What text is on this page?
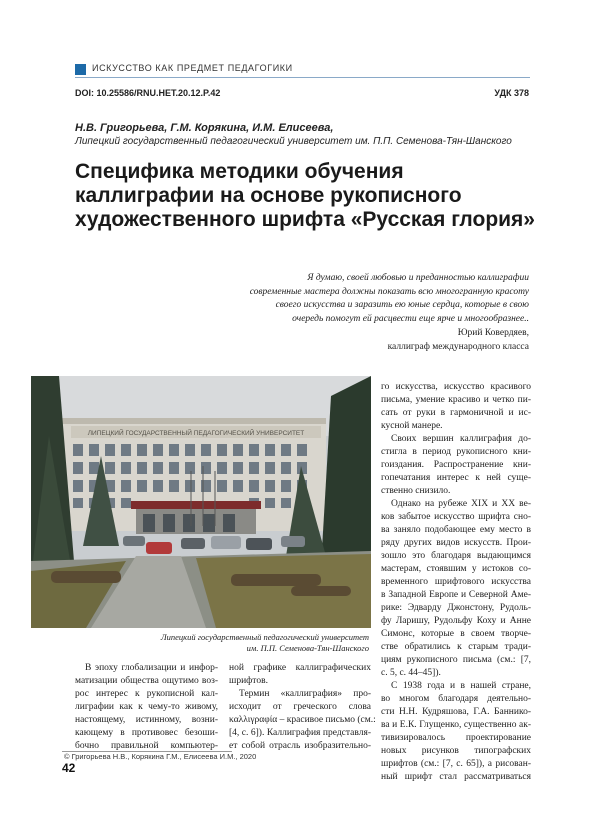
ИСКУССТВО КАК ПРЕДМЕТ ПЕДАГОГИКИ
DOI: 10.25586/RNU.HET.20.12.P.42	УДК 378
Н.В. Григорьева, Г.М. Корякина, И.М. Елисеева,
Липецкий государственный педагогический университет им. П.П. Семенова-Тян-Шанского
Специфика методики обучения
каллиграфии на основе рукописного
художественного шрифта «Русская глория»
Я думаю, своей любовью и преданностью каллиграфии
современные мастера должны показать всю многогранную красоту
своего искусства и заразить ею юные сердца, которые в свою
очередь помогут ей расцвести еще ярче и многообразнее..
Юрий Ковердяев,
каллиграф международного класса
ЛИПЕЦКИЙ ГОСУДАРСТВЕННЫЙ ПЕДАГОГИЧЕСКИЙ УНИВЕРСИТЕТ
Липецкий государственный педагогический университет
им. П.П. Семенова-Тян-Шанского
В эпоху глобализации и инфор-
матизации общества ощутимо воз-
рос интерес к рукописной кал-
лиграфии как к чему-то живому,
настоящему, истинному, возни-
кающему в противовес безоши-
бочно правильной компьютер-
ной графике каллиграфических
шрифтов.
Термин «каллиграфия» про-
исходит от греческого слова
καλλιγραφία – красивое письмо (см.:
[4, с. 6]). Каллиграфия представля-
ет собой отрасль изобразительно-
го искусства, искусство красивого
письма, умение красиво и четко пи-
сать от руки в гармоничной и ис-
кусной манере.
Своих вершин каллиграфия до-
стигла в период рукописного кни-
гоиздания. Распространение кни-
гопечатания интерес к ней суще-
ственно снизило.
Однако на рубеже XIX и XX ве-
ков забытое искусство шрифта сно-
ва заняло подобающее ему место в
ряду других видов искусств. Прои-
зошло это благодаря выдающимся
мастерам, стоявшим у истоков со-
временного шрифтового искусства
в Западной Европе и Северной Аме-
рике: Эдварду Джонстону, Рудоль-
фу Ларишу, Рудольфу Коху и Анне
Симонс, которые в своем творче-
стве обратились к старым тради-
циям рукописного письма (см.: [7,
с. 5, с. 44–45]).
С 1938 года и в нашей стране,
во многом благодаря деятельно-
сти Н.Н. Кудряшова, Г.А. Баннико-
ва и Е.К. Глущенко, существенно ак-
тивизировалось проектирование
новых рисунков типографских
шрифтов (см.: [7, с. 65]), а рисован-
ный шрифт стал рассматриваться
© Григорьева Н.В., Корякина Г.М., Елисеева И.М., 2020
42
